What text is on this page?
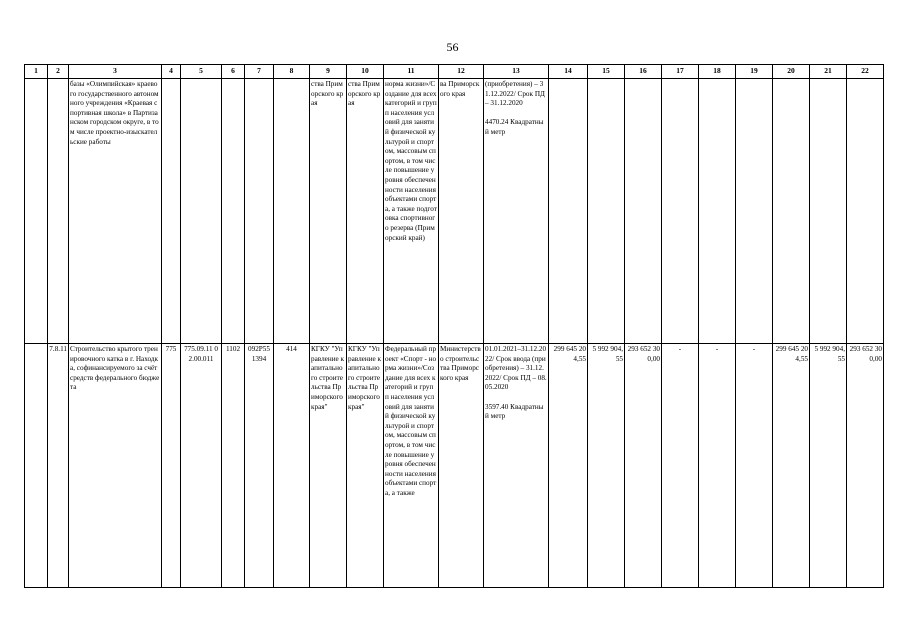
56
1	2	3	4	5	6	7	8	9	10	11	12	13	14	15	16	17	18	19	20	21	22
		базы «Олимпийская» краевого государственного автономного учреждения «Краевая спортивная школа» в Партизанском городском округе, в том числе проектно-изыскательские работы						ства Приморского края	ства Приморского края	норма жизни»/Создание для всех категорий и групп населения условий для занятий физической культурой и спортом, массовым спортом, в том числе повышение уровня обеспеченности населения объектами спорта, а также подготовка спортивного резерва (Приморский край)	ва Приморского края	(приобретения) – 31.12.2022/ Срок ПД – 31.12.2020

4470.24 Квадратный метр									
	7.8.11	Строительство крытого тренировочного катка в г. Находка, софинансируемого за счёт средств федерального бюджета	775	775.09.11 02.00.011	1102	092Р55 1394	414	КГКУ "Управление капитального строительства Приморского края"	КГКУ "Управление капитального строительства Приморского края"	Федеральный проект «Спорт - норма жизни»/Создание для всех категорий и групп населения условий для занятий физической культурой и спортом, массовым спортом, в том числе повышение уровня обеспеченности населения объектами спорта, а также	Министерство строительства Приморского края	01.01.2021–31.12.2022/ Срок ввода (приобретения) – 31.12.2022/ Срок ПД – 08.05.2020

3597.40 Квадратный метр	299 645 204,55	5 992 904,55	293 652 300,00	-	-	-	299 645 204,55	5 992 904,55	293 652 300,00
